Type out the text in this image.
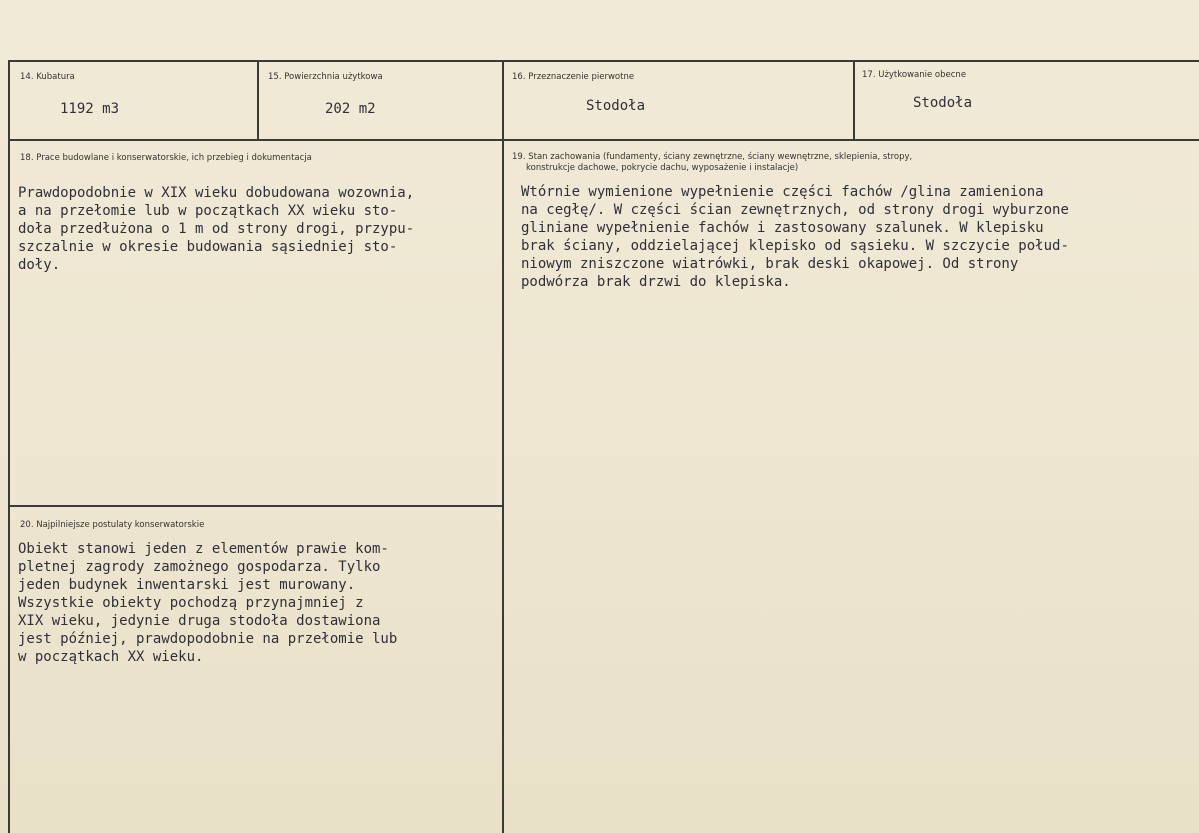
14. Kubatura
1192 m3
15. Powierzchnia użytkowa
202 m2
16. Przeznaczenie pierwotne
Stodoła
17. Użytkowanie obecne
Stodoła
18. Prace budowlane i konserwatorskie, ich przebieg i dokumentacja
Prawdopodobnie w XIX wieku dobudowana wozownia,
a na przełomie lub w początkach XX wieku sto-
doła przedłużona o 1 m od strony drogi, przypu-
szczalnie w okresie budowania sąsiedniej sto-
doły.
19. Stan zachowania (fundamenty, ściany zewnętrzne, ściany wewnętrzne, sklepienia, stropy,
konstrukcje dachowe, pokrycie dachu, wyposażenie i instalacje)
Wtórnie wymienione wypełnienie części fachów /glina zamieniona
na cegłę/. W części ścian zewnętrznych, od strony drogi wyburzone
gliniane wypełnienie fachów i zastosowany szalunek. W klepisku
brak ściany, oddzielającej klepisko od sąsieku. W szczycie połud-
niowym zniszczone wiatrówki, brak deski okapowej. Od strony
podwórza brak drzwi do klepiska.
20. Najpilniejsze postulaty konserwatorskie
Obiekt stanowi jeden z elementów prawie kom-
pletnej zagrody zamożnego gospodarza. Tylko
jeden budynek inwentarski jest murowany.
Wszystkie obiekty pochodzą przynajmniej z
XIX wieku, jedynie druga stodoła dostawiona
jest później, prawdopodobnie na przełomie lub
w początkach XX wieku.
